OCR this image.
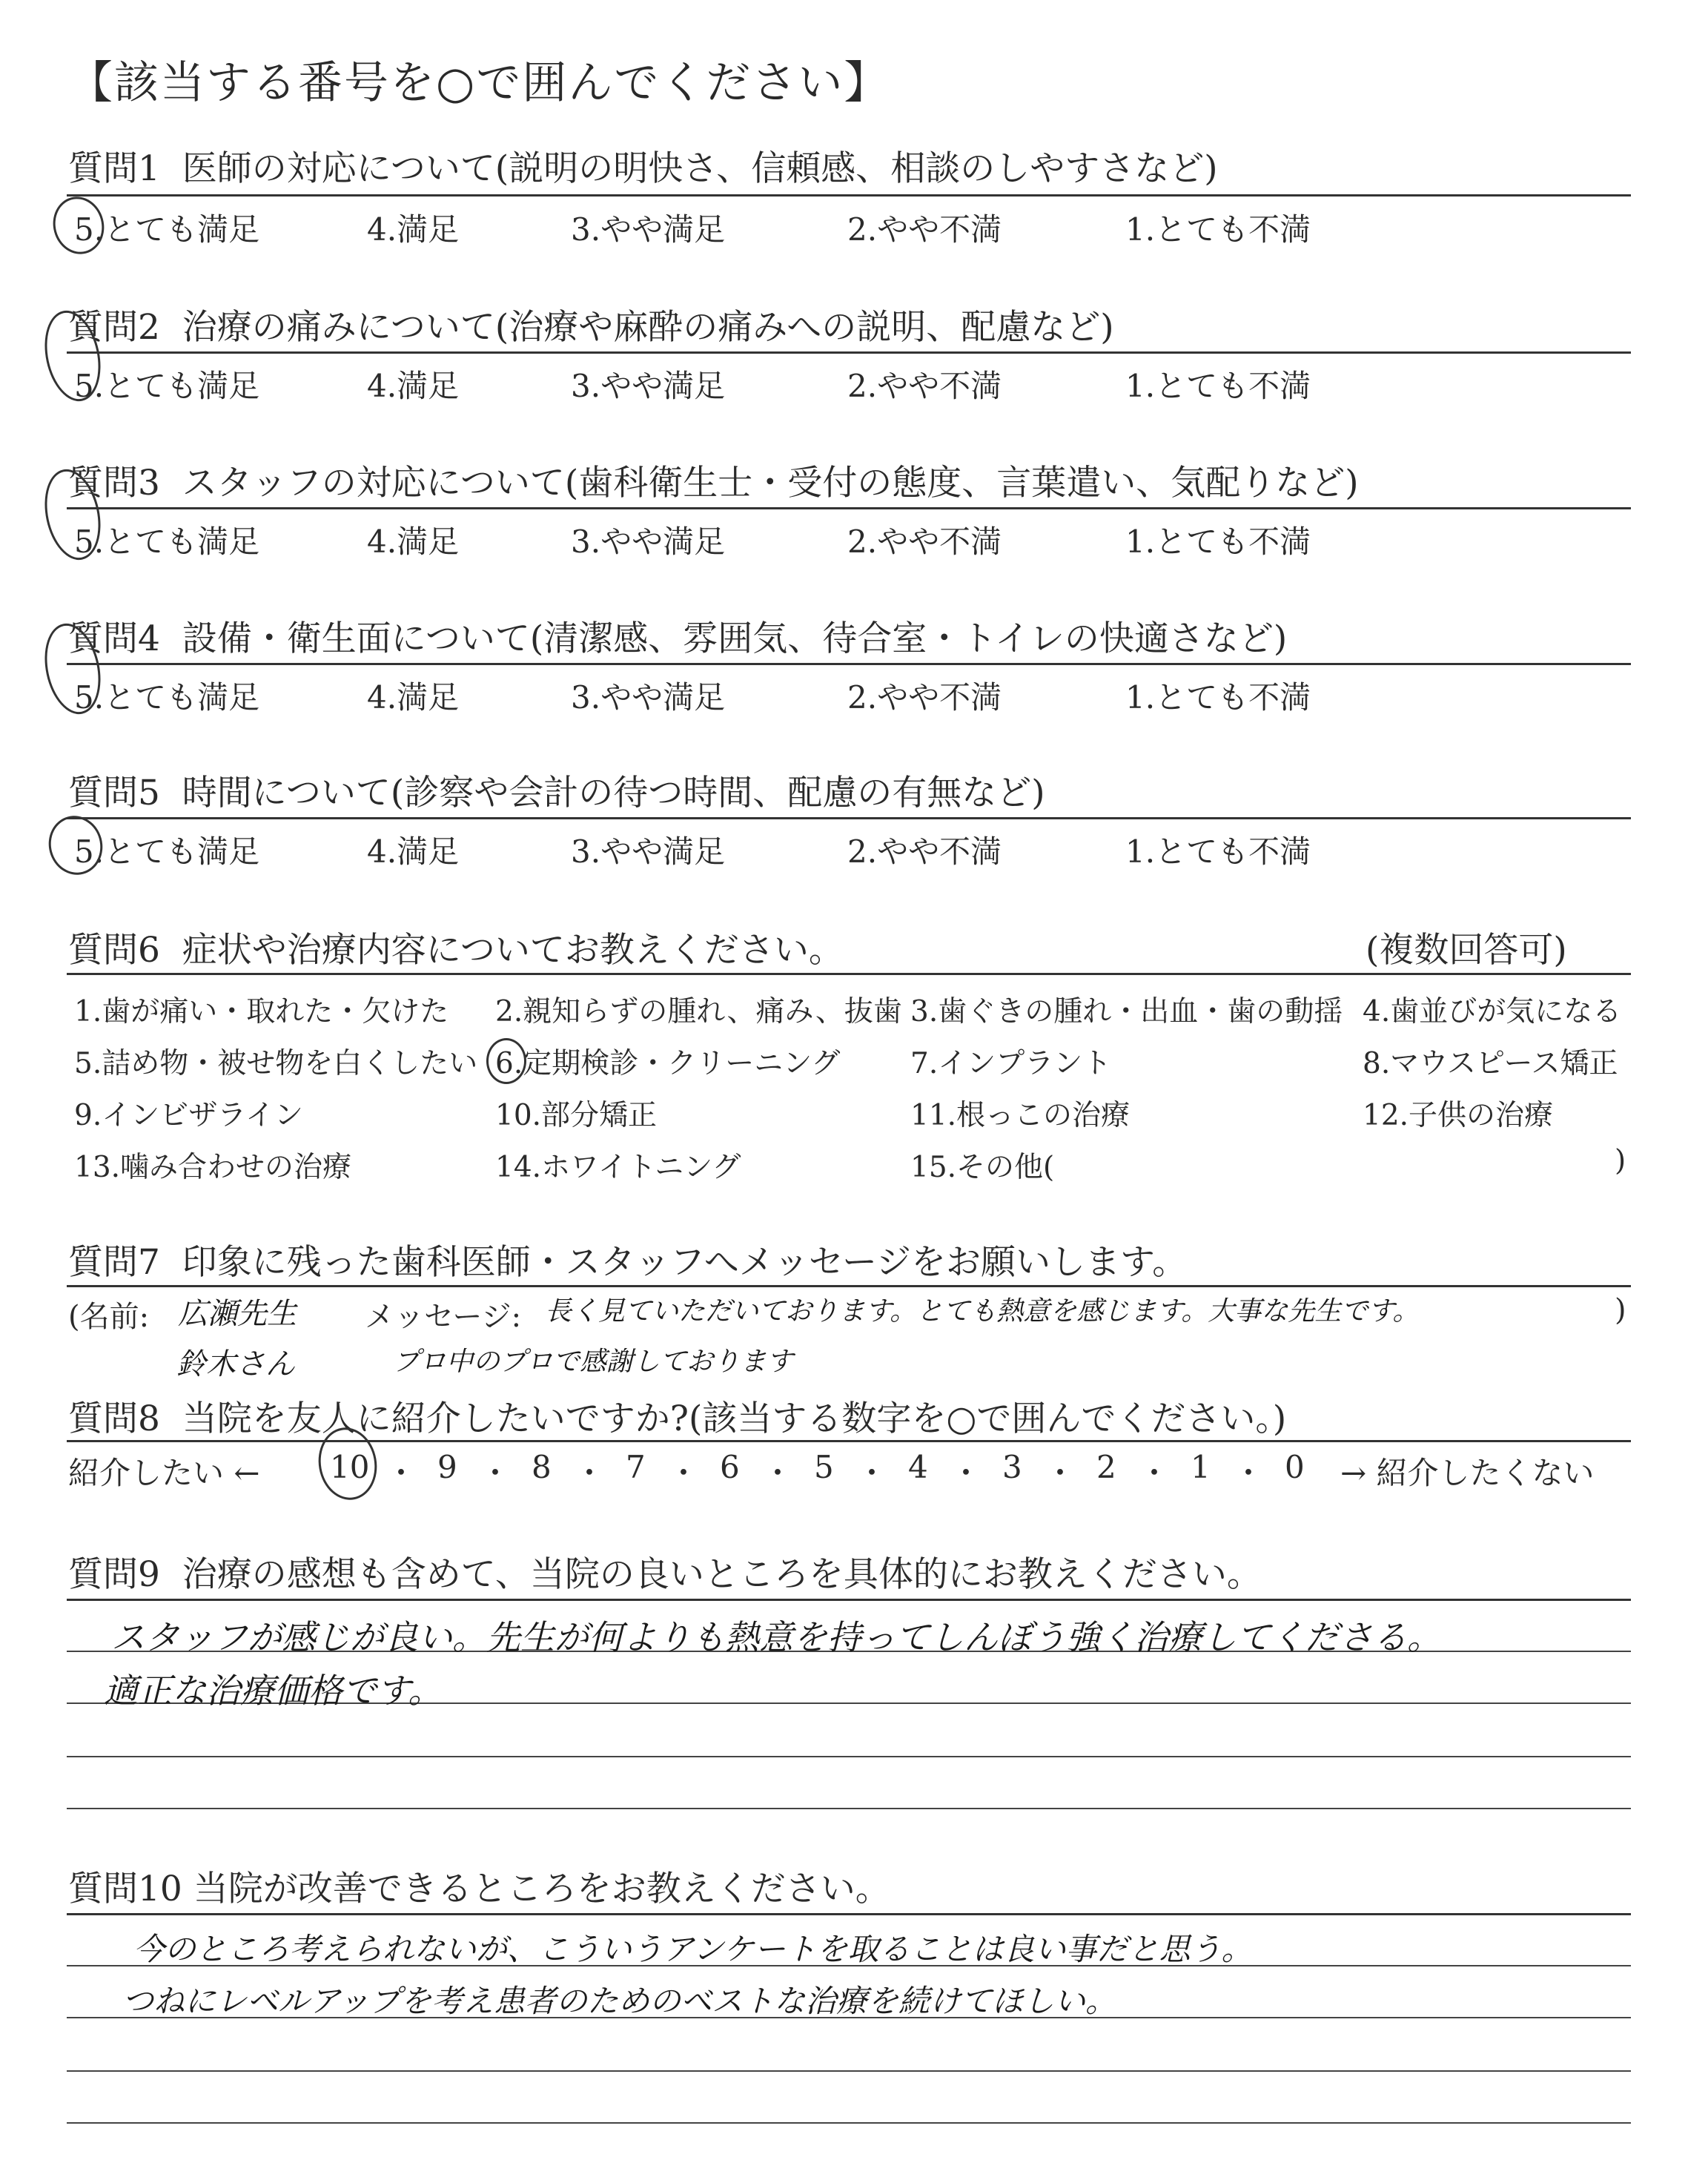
【該当する番号を○で囲んでください】
質問1 医師の対応について(説明の明快さ、信頼感、相談のしやすさなど)
5.とても満足	4.満足	3.やや満足	2.やや不満	1.とても不満
質問2 治療の痛みについて(治療や麻酔の痛みへの説明、配慮など)
5.とても満足	4.満足	3.やや満足	2.やや不満	1.とても不満
質問3 スタッフの対応について(歯科衛生士・受付の態度、言葉遣い、気配りなど)
5.とても満足	4.満足	3.やや満足	2.やや不満	1.とても不満
質問4 設備・衛生面について(清潔感、雰囲気、待合室・トイレの快適さなど)
5.とても満足	4.満足	3.やや満足	2.やや不満	1.とても不満
質問5 時間について(診察や会計の待つ時間、配慮の有無など)
5.とても満足	4.満足	3.やや満足	2.やや不満	1.とても不満
質問6 症状や治療内容についてお教えください。	(複数回答可)
1.歯が痛い・取れた・欠けた 2.親知らずの腫れ、痛み、抜歯 3.歯ぐきの腫れ・出血・歯の動揺 4.歯並びが気になる
5.詰め物・被せ物を白くしたい 6.定期検診・クリーニング 7.インプラント	8.マウスピース矯正
9.インビザライン	10.部分矯正	11.根っこの治療	12.子供の治療
13.噛み合わせの治療	14.ホワイトニング	15.その他(	)
質問7 印象に残った歯科医師・スタッフへメッセージをお願いします。
(名前:	メッセージ:	)
広瀬先生	長く見ていただいております。とても熱意を感じます。大事な先生です。
鈴木さん	プロ中のプロで感謝しております
質問8 当院を友人に紹介したいですか?(該当する数字を○で囲んでください。)
紹介したい ← 10 ・ 9 ・ 8 ・ 7 ・ 6 ・ 5 ・ 4 ・ 3 ・ 2 ・ 1 ・ 0 → 紹介したくない
質問9 治療の感想も含めて、当院の良いところを具体的にお教えください。
スタッフが感じが良い。先生が何よりも熱意を持ってしんぼう強く治療してくださる。
適正な治療価格です。
質問10 当院が改善できるところをお教えください。
今のところ考えられないが、こういうアンケートを取ることは良い事だと思う。
つねにレベルアップを考え患者のためのベストな治療を続けてほしい。
